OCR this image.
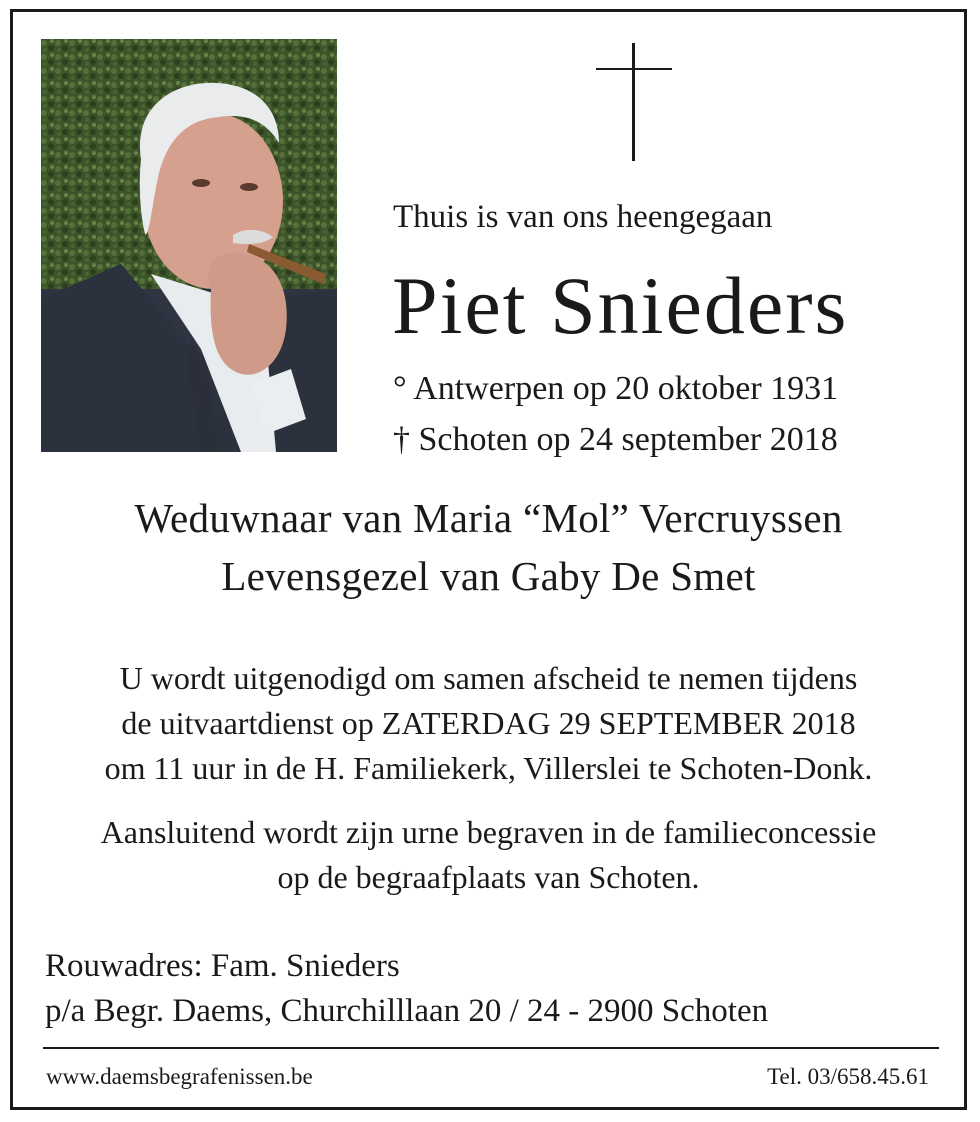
Thuis is van ons heengegaan
Piet Snieders
° Antwerpen op 20 oktober 1931
† Schoten op 24 september 2018
Weduwnaar van Maria “Mol” Vercruyssen
Levensgezel van Gaby De Smet
U wordt uitgenodigd om samen afscheid te nemen tijdens
de uitvaartdienst op ZATERDAG 29 SEPTEMBER 2018
om 11 uur in de H. Familiekerk, Villerslei te Schoten-Donk.
Aansluitend wordt zijn urne begraven in de familieconcessie
op de begraafplaats van Schoten.
Rouwadres: Fam. Snieders
p/a Begr. Daems, Churchilllaan 20 / 24 - 2900 Schoten
www.daemsbegrafenissen.be	Tel. 03/658.45.61
